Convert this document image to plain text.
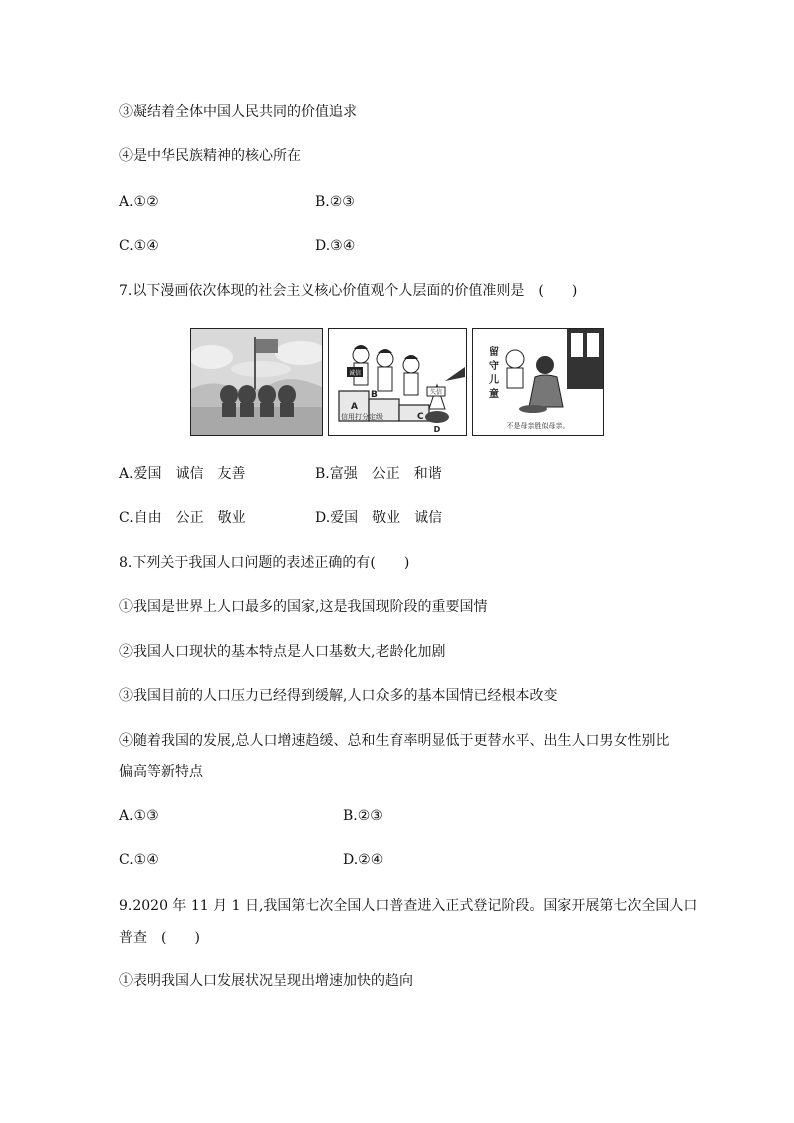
③凝结着全体中国人民共同的价值追求
④是中华民族精神的核心所在
A.①②	B.②③
C.①④	D.③④
7.以下漫画依次体现的社会主义核心价值观个人层面的价值准则是　(　　)
诚信
A
B
C
信用打分定级
失信
D
留
守
儿
童
不是母亲胜似母亲。
A.爱国　诚信　友善	B.富强　公正　和谐
C.自由　公正　敬业	D.爱国　敬业　诚信
8.下列关于我国人口问题的表述正确的有(　　)
①我国是世界上人口最多的国家,这是我国现阶段的重要国情
②我国人口现状的基本特点是人口基数大,老龄化加剧
③我国目前的人口压力已经得到缓解,人口众多的基本国情已经根本改变
④随着我国的发展,总人口增速趋缓、总和生育率明显低于更替水平、出生人口男女性别比
偏高等新特点
A.①③	B.②③
C.①④	D.②④
9.2020 年 11 月 1 日,我国第七次全国人口普查进入正式登记阶段。国家开展第七次全国人口
普查　(　　)
①表明我国人口发展状况呈现出增速加快的趋向
